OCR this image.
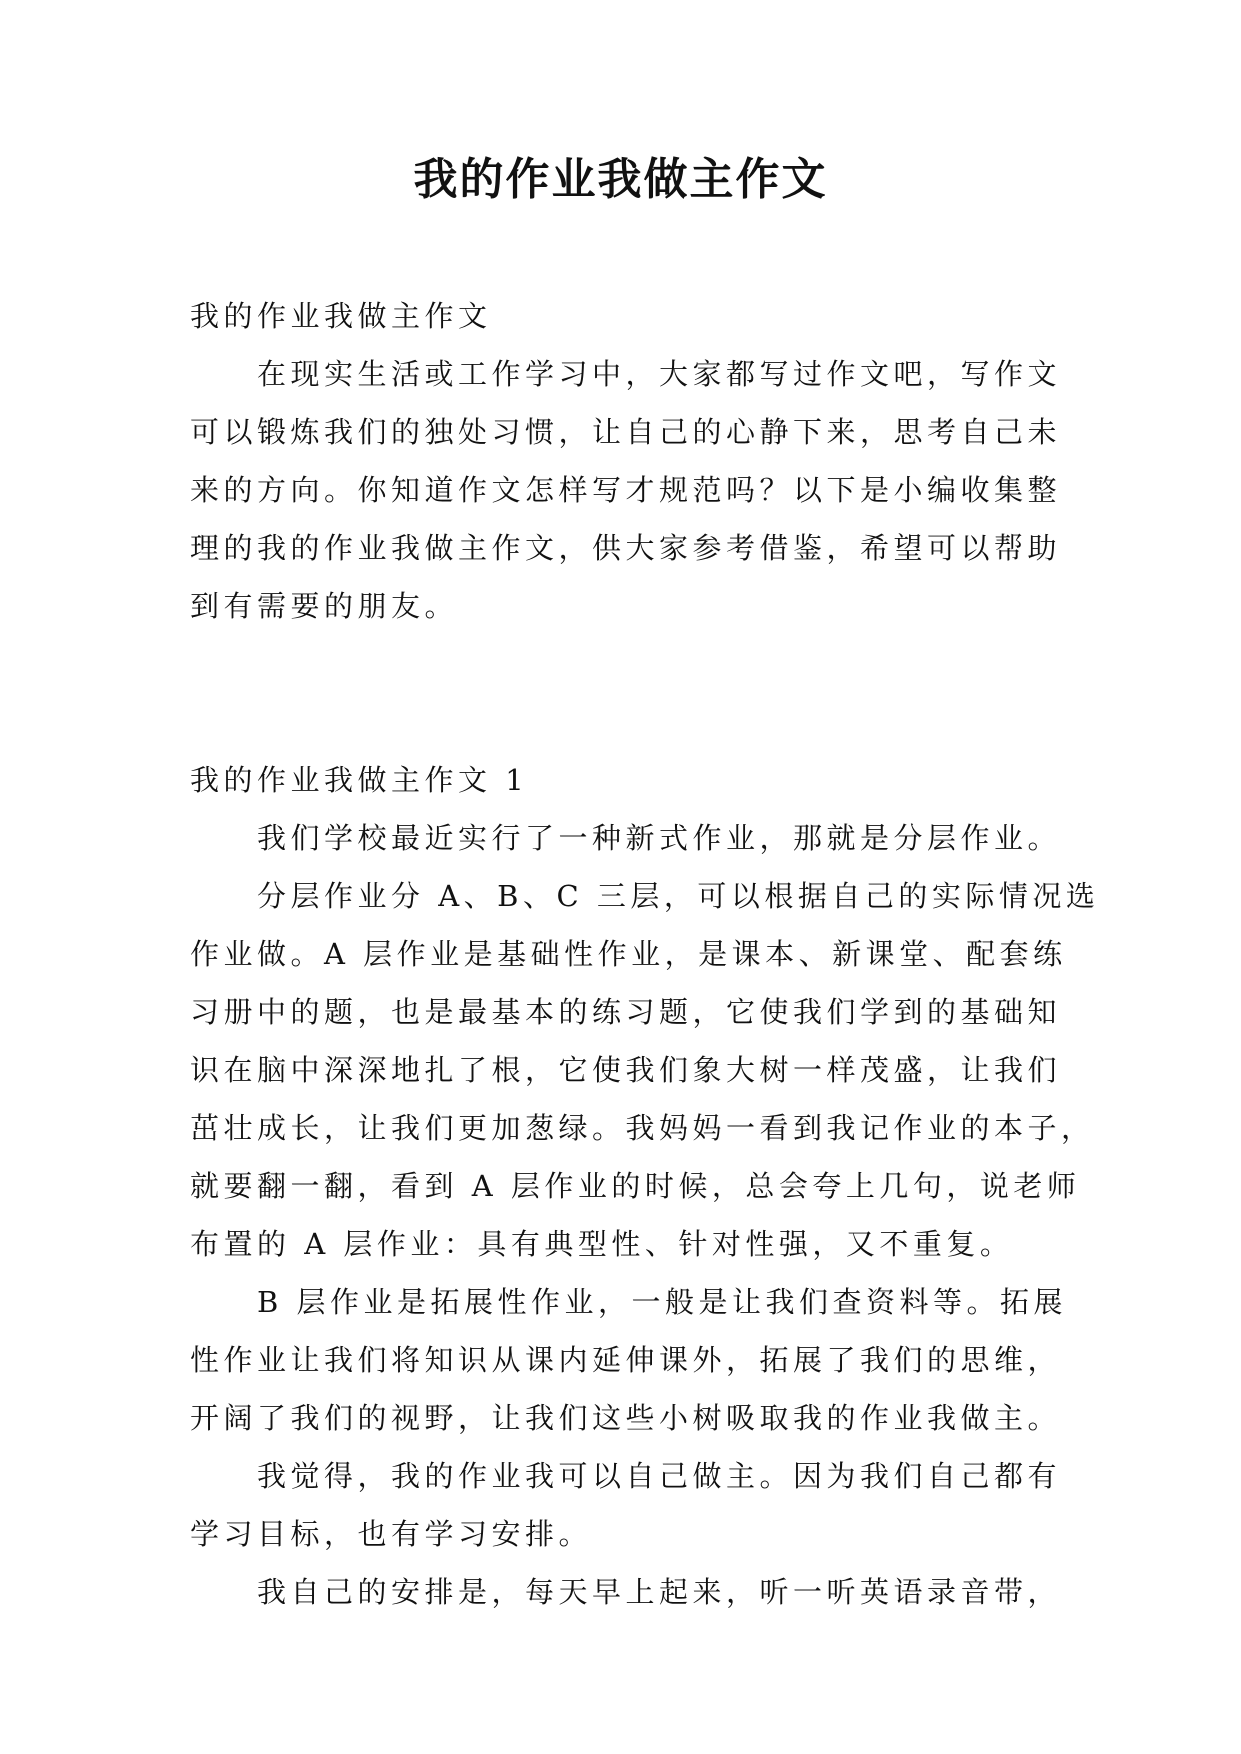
我的作业我做主作文
我的作业我做主作文
　　在现实生活或工作学习中，大家都写过作文吧，写作文
可以锻炼我们的独处习惯，让自己的心静下来，思考自己未
来的方向。你知道作文怎样写才规范吗？以下是小编收集整
理的我的作业我做主作文，供大家参考借鉴，希望可以帮助
到有需要的朋友。
我的作业我做主作文 1
　　我们学校最近实行了一种新式作业，那就是分层作业。
　　分层作业分 A、B、C 三层，可以根据自己的实际情况选
作业做。A 层作业是基础性作业，是课本、新课堂、配套练
习册中的题，也是最基本的练习题，它使我们学到的基础知
识在脑中深深地扎了根，它使我们象大树一样茂盛，让我们
茁壮成长，让我们更加葱绿。我妈妈一看到我记作业的本子，
就要翻一翻，看到 A 层作业的时候，总会夸上几句，说老师
布置的 A 层作业：具有典型性、针对性强，又不重复。
　　B 层作业是拓展性作业，一般是让我们查资料等。拓展
性作业让我们将知识从课内延伸课外，拓展了我们的思维，
开阔了我们的视野，让我们这些小树吸取我的作业我做主。
　　我觉得，我的作业我可以自己做主。因为我们自己都有
学习目标，也有学习安排。
　　我自己的安排是，每天早上起来，听一听英语录音带，
